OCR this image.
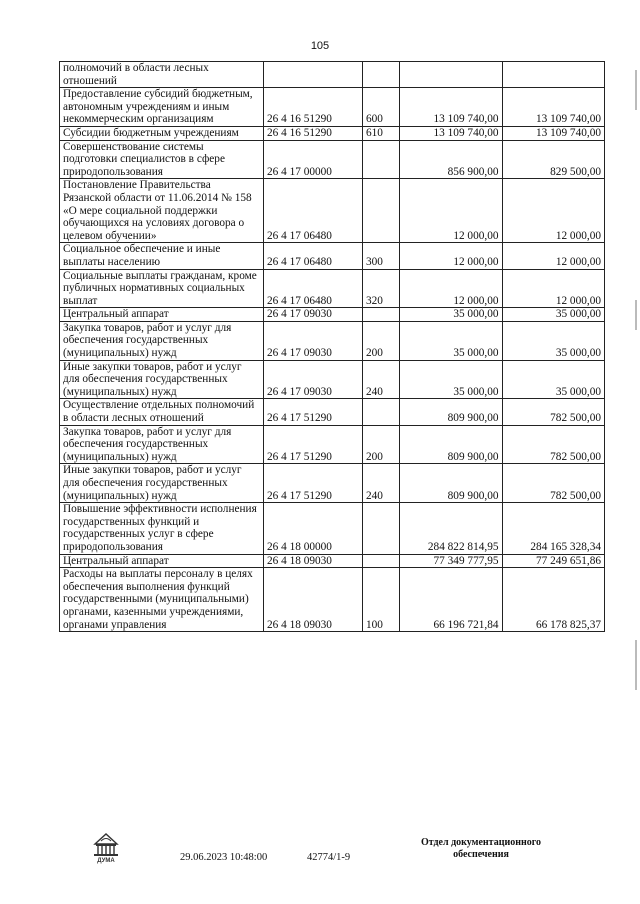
105
полномочий в области лесных отношений				
Предоставление субсидий бюджетным, автономным учреждениям и иным некоммерческим организациям	26 4 16 51290	600	13 109 740,00	13 109 740,00
Субсидии бюджетным учреждениям	26 4 16 51290	610	13 109 740,00	13 109 740,00
Совершенствование системы подготовки специалистов в сфере природопользования	26 4 17 00000		856 900,00	829 500,00
Постановление Правительства Рязанской области от 11.06.2014 № 158 «О мере социальной поддержки обучающихся на условиях договора о целевом обучении»	26 4 17 06480		12 000,00	12 000,00
Социальное обеспечение и иные выплаты населению	26 4 17 06480	300	12 000,00	12 000,00
Социальные выплаты гражданам, кроме публичных нормативных социальных выплат	26 4 17 06480	320	12 000,00	12 000,00
Центральный аппарат	26 4 17 09030		35 000,00	35 000,00
Закупка товаров, работ и услуг для обеспечения государственных (муниципальных) нужд	26 4 17 09030	200	35 000,00	35 000,00
Иные закупки товаров, работ и услуг для обеспечения государственных (муниципальных) нужд	26 4 17 09030	240	35 000,00	35 000,00
Осуществление отдельных полномочий в области лесных отношений	26 4 17 51290		809 900,00	782 500,00
Закупка товаров, работ и услуг для обеспечения государственных (муниципальных) нужд	26 4 17 51290	200	809 900,00	782 500,00
Иные закупки товаров, работ и услуг для обеспечения государственных (муниципальных) нужд	26 4 17 51290	240	809 900,00	782 500,00
Повышение эффективности исполнения государственных функций и государственных услуг в сфере природопользования	26 4 18 00000		284 822 814,95	284 165 328,34
Центральный аппарат	26 4 18 09030		77 349 777,95	77 249 651,86
Расходы на выплаты персоналу в целях обеспечения выполнения функций государственными (муниципальными) органами, казенными учреждениями, органами управления	26 4 18 09030	100	66 196 721,84	66 178 825,37
ДУМА	29.06.2023 10:48:00	42774/1-9
Отдел документационного
обеспечения
